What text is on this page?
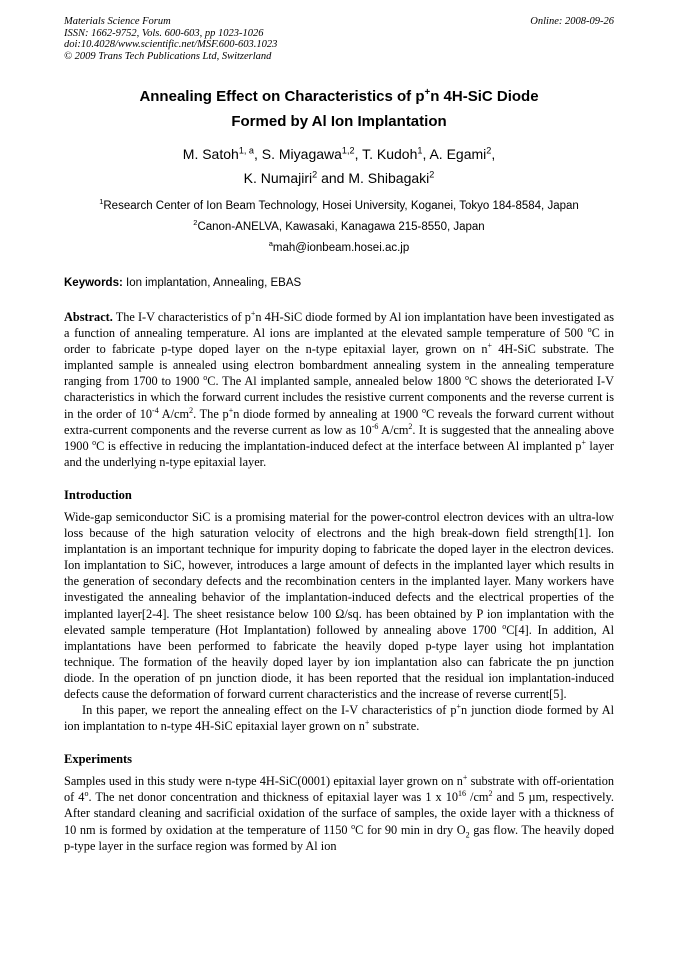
Materials Science Forum
ISSN: 1662-9752, Vols. 600-603, pp 1023-1026
doi:10.4028/www.scientific.net/MSF.600-603.1023
© 2009 Trans Tech Publications Ltd, Switzerland
Online: 2008-09-26
Annealing Effect on Characteristics of p+n 4H-SiC Diode
Formed by Al Ion Implantation
M. Satoh$^{1, a}$, S. Miyagawa$^{1,2}$, T. Kudoh$^1$, A. Egami$^2$,
K. Numajiri$^2$ and M. Shibagaki$^2$
$^1$Research Center of Ion Beam Technology, Hosei University, Koganei, Tokyo 184-8584, Japan
$^2$Canon-ANELVA, Kawasaki, Kanagawa 215-8550, Japan
$^a$mah@ionbeam.hosei.ac.jp
Keywords: Ion implantation, Annealing, EBAS

Abstract. The I-V characteristics of p+n 4H-SiC diode formed by Al ion implantation have been investigated as a function of annealing temperature. Al ions are implanted at the elevated sample temperature of 500 $^o$C in order to fabricate p-type doped layer on the n-type epitaxial layer, grown on n+ 4H-SiC substrate. The implanted sample is annealed using electron bombardment annealing system in the annealing temperature ranging from 1700 to 1900 $^o$C. The Al implanted sample, annealed below 1800 $^o$C shows the deteriorated I-V characteristics in which the forward current includes the resistive current components and the reverse current is in the order of $10^{-4}$ $A/cm^2$. The p+n diode formed by annealing at 1900 $^o$C reveals the forward current without extra-current components and the reverse current as low as $10^{-6}$ $A/cm^2$. It is suggested that the annealing above 1900 $^o$C is effective in reducing the implantation-induced defect at the interface between Al implanted p+ layer and the underlying n-type epitaxial layer.

Introduction

Wide-gap semiconductor SiC is a promising material for the power-control electron devices with an ultra-low loss because of the high saturation velocity of electrons and the high break-down field strength[1]. Ion implantation is an important technique for impurity doping to fabricate the doped layer in the electron devices. Ion implantation to SiC, however, introduces a large amount of defects in the implanted layer which results in the generation of secondary defects and the recombination centers in the implanted layer. Many workers have investigated the annealing behavior of the implantation-induced defects and the electrical properties of the implanted layer[2-4]. The sheet resistance below 100 Ω/sq. has been obtained by P ion implantation with the elevated sample temperature (Hot Implantation) followed by annealing above 1700 $^o$C[4]. In addition, Al implantations have been performed to fabricate the heavily doped p-type layer using hot implantation technique. The formation of the heavily doped layer by ion implantation also can fabricate the pn junction diode. In the operation of pn junction diode, it has been reported that the residual ion implantation-induced defects cause the deformation of forward current characteristics and the increase of reverse current[5].

In this paper, we report the annealing effect on the I-V characteristics of p+n junction diode formed by Al ion implantation to n-type 4H-SiC epitaxial layer grown on n+ substrate.

Experiments

Samples used in this study were n-type 4H-SiC(0001) epitaxial layer grown on n+ substrate with off-orientation of 4$^o$. The net donor concentration and thickness of epitaxial layer was 1 x $10^{16}$ $/cm^2$ and 5 µm, respectively. After standard cleaning and sacrificial oxidation of the surface of samples, the oxide layer with a thickness of 10 nm is formed by oxidation at the temperature of 1150 $^o$C for 90 min in dry $O_2$ gas flow. The heavily doped p-type layer in the surface region was formed by Al ion
